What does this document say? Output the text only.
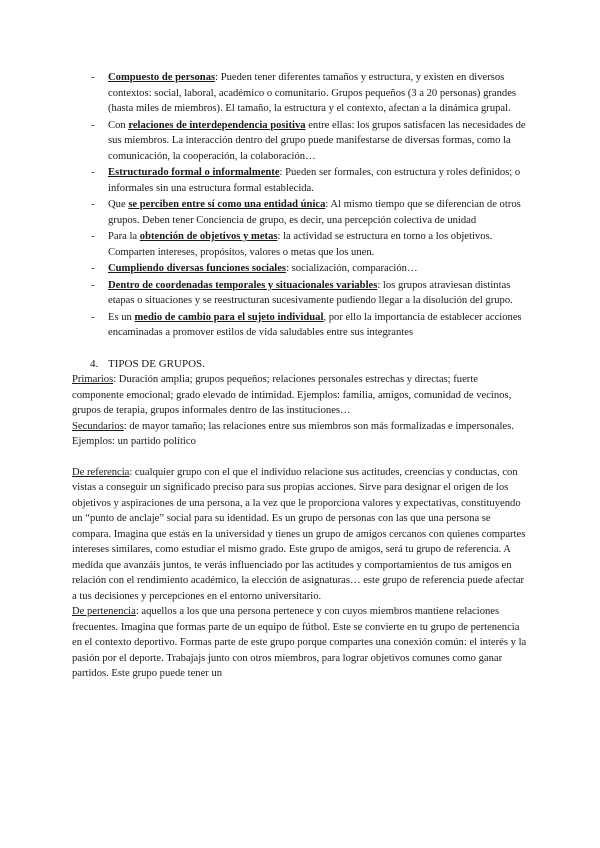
- Compuesto de personas: Pueden tener diferentes tamaños y estructura, y existen en diversos contextos: social, laboral, académico o comunitario. Grupos pequeños (3 a 20 personas) grandes (hasta miles de miembros). El tamaño, la estructura y el contexto, afectan a la dinámica grupal.
- Con relaciones de interdependencia positiva entre ellas: los grupos satisfacen las necesidades de sus miembros. La interacción dentro del grupo puede manifestarse de diversas formas, como la comunicación, la cooperación, la colaboración…
- Estructurado formal o informalmente: Pueden ser formales, con estructura y roles definidos; o informales sin una estructura formal establecida.
- Que se perciben entre sí como una entidad única: Al mismo tiempo que se diferencian de otros grupos. Deben tener Conciencia de grupo, es decir, una percepción colectiva de unidad
- Para la obtención de objetivos y metas: la actividad se estructura en torno a los objetivos. Comparten intereses, propósitos, valores o metas que los unen.
- Cumpliendo diversas funciones sociales: socialización, comparación…
- Dentro de coordenadas temporales y situacionales variables: los grupos atraviesan distintas etapas o situaciones y se reestructuran sucesivamente pudiendo llegar a la disolución del grupo.
- Es un medio de cambio para el sujeto individual, por ello la importancia de establecer acciones encaminadas a promover estilos de vida saludables entre sus integrantes
4. TIPOS DE GRUPOS.

Primarios: Duración amplia; grupos pequeños; relaciones personales estrechas y directas; fuerte componente emocional; grado elevado de intimidad. Ejemplos: familia, amigos, comunidad de vecinos, grupos de terapia, grupos informales dentro de las instituciones…

Secundarios: de mayor tamaño; las relaciones entre sus miembros son más formalizadas e impersonales. Ejemplos: un partido político

De referencia: cualquier grupo con el que el individuo relacione sus actitudes, creencias y conductas, con vistas a conseguir un significado preciso para sus propias acciones. Sirve para designar el origen de los objetivos y aspiraciones de una persona, a la vez que le proporciona valores y expectativas, constituyendo un “punto de anclaje” social para su identidad. Es un grupo de personas con las que una persona se compara. Imagina que estás en la universidad y tienes un grupo de amigos cercanos con quienes compartes intereses similares, como estudiar el mismo grado. Este grupo de amigos, será tu grupo de referencia. A medida que avanzáis juntos, te verás influenciado por las actitudes y comportamientos de tus amigos en relación con el rendimiento académico, la elección de asignaturas… este grupo de referencia puede afectar a tus decisiones y percepciones en el entorno universitario.

De pertenencia: aquellos a los que una persona pertenece y con cuyos miembros mantiene relaciones frecuentes. Imagina que formas parte de un equipo de fútbol. Este se convierte en tu grupo de pertenencia en el contexto deportivo. Formas parte de este grupo porque compartes una conexión común: el interés y la pasión por el deporte. Trabajajs junto con otros miembros, para lograr objetivos comunes como ganar partidos. Este grupo puede tener un
